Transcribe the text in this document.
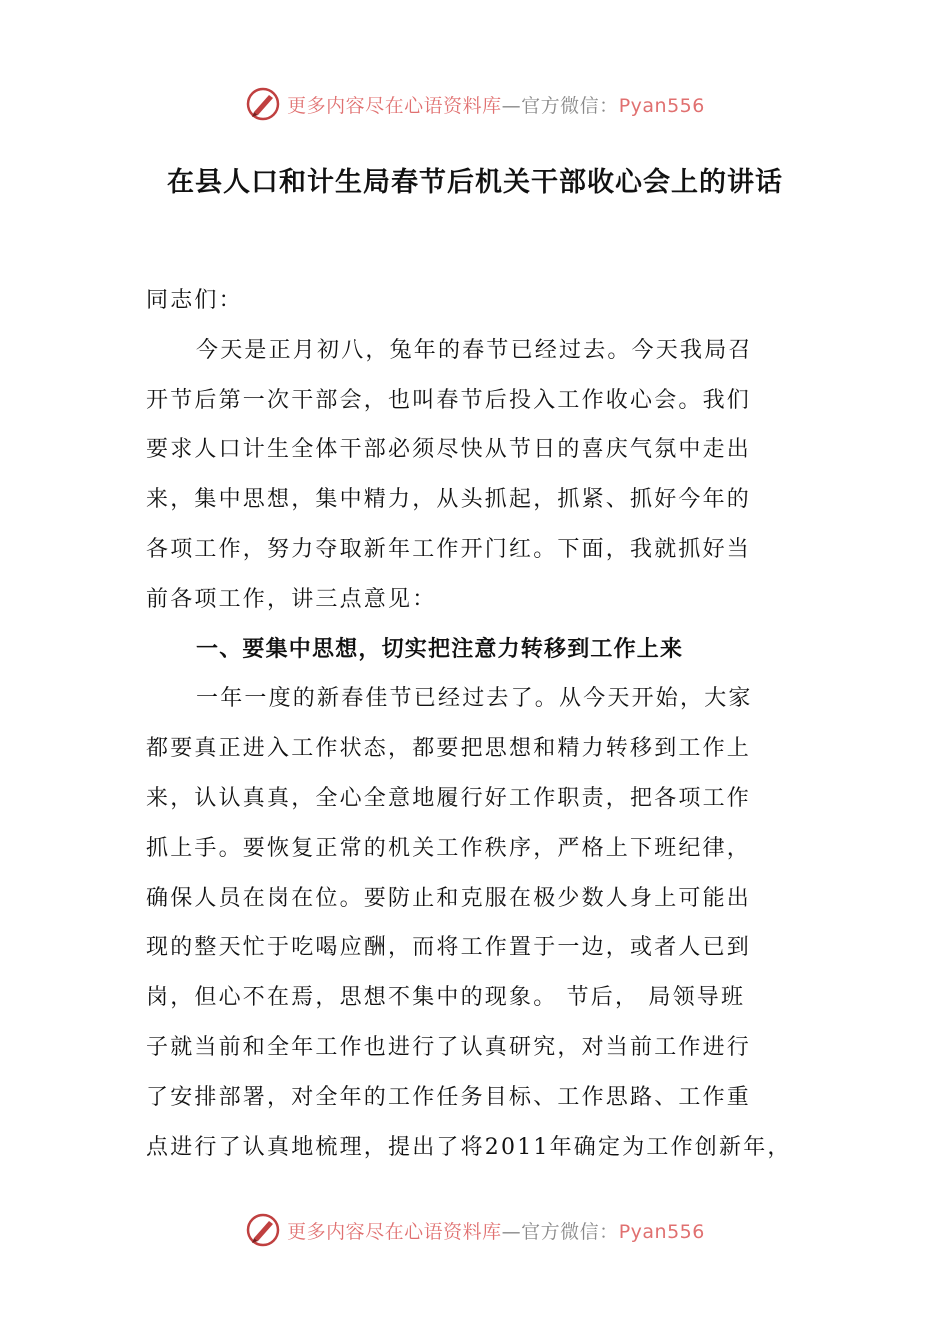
更多内容尽在心语资料库—官方微信：Pyan556
在县人口和计生局春节后机关干部收心会上的讲话
同志们：
今天是正月初八，兔年的春节已经过去。今天我局召
开节后第一次干部会，也叫春节后投入工作收心会。我们
要求人口计生全体干部必须尽快从节日的喜庆气氛中走出
来，集中思想，集中精力，从头抓起，抓紧、抓好今年的
各项工作，努力夺取新年工作开门红。下面，我就抓好当
前各项工作，讲三点意见：
一、要集中思想，切实把注意力转移到工作上来
一年一度的新春佳节已经过去了。从今天开始，大家
都要真正进入工作状态，都要把思想和精力转移到工作上
来，认认真真，全心全意地履行好工作职责，把各项工作
抓上手。要恢复正常的机关工作秩序，严格上下班纪律，
确保人员在岗在位。要防止和克服在极少数人身上可能出
现的整天忙于吃喝应酬，而将工作置于一边，或者人已到
岗，但心不在焉，思想不集中的现象。 节后， 局领导班
子就当前和全年工作也进行了认真研究，对当前工作进行
了安排部署，对全年的工作任务目标、工作思路、工作重
点进行了认真地梳理，提出了将2011年确定为工作创新年，
更多内容尽在心语资料库—官方微信：Pyan556
